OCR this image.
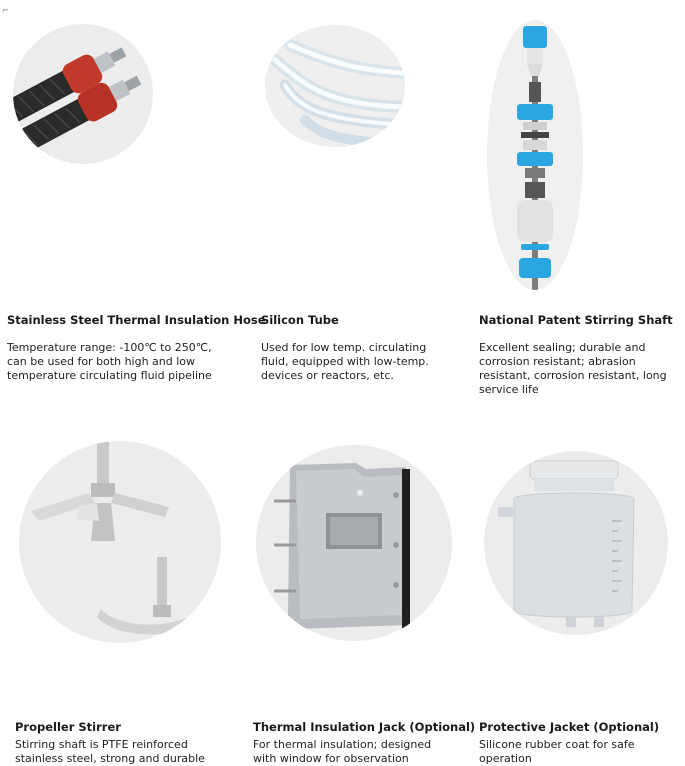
⌐
Stainless Steel Thermal Insulation Hose
Temperature range: -100℃ to 250℃, can be used for both high and low temperature circulating fluid pipeline
Silicon Tube
Used for low temp. circulating fluid, equipped with low-temp. devices or reactors, etc.
National Patent Stirring Shaft
Excellent sealing; durable and corrosion resistant; abrasion resistant, corrosion resistant, long service life
Propeller Stirrer
Stirring shaft is PTFE reinforced stainless steel, strong and durable
Thermal Insulation Jack (Optional)
For thermal insulation; designed with window for observation
Protective Jacket (Optional)
Silicone rubber coat for safe operation
